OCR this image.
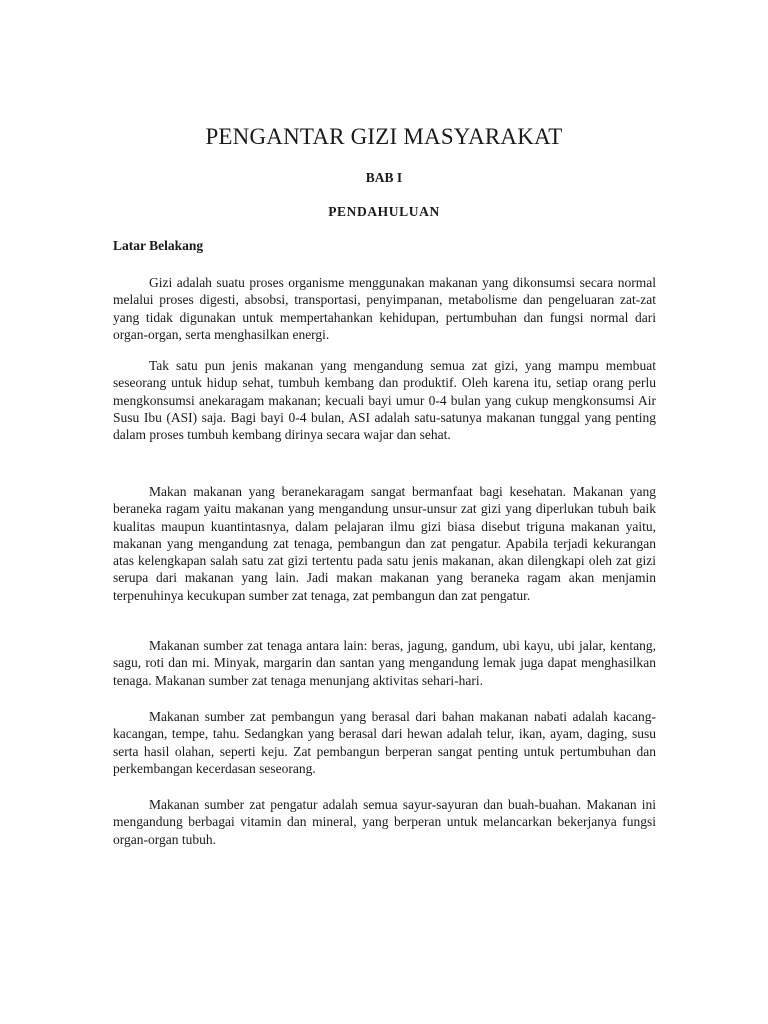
PENGANTAR GIZI MASYARAKAT
BAB I
PENDAHULUAN
Latar Belakang

Gizi adalah suatu proses organisme menggunakan makanan yang dikonsumsi secara normal melalui proses digesti, absobsi, transportasi, penyimpanan, metabolisme dan pengeluaran zat-zat yang tidak digunakan untuk mempertahankan kehidupan, pertumbuhan dan fungsi normal dari organ-organ, serta menghasilkan energi.

Tak satu pun jenis makanan yang mengandung semua zat gizi, yang mampu membuat seseorang untuk hidup sehat, tumbuh kembang dan produktif. Oleh karena itu, setiap orang perlu mengkonsumsi anekaragam makanan; kecuali bayi umur 0-4 bulan yang cukup mengkonsumsi Air Susu Ibu (ASI) saja. Bagi bayi 0-4 bulan, ASI adalah satu-satunya makanan tunggal yang penting dalam proses tumbuh kembang dirinya secara wajar dan sehat.

Makan makanan yang beranekaragam sangat bermanfaat bagi kesehatan. Makanan yang beraneka ragam yaitu makanan yang mengandung unsur-unsur zat gizi yang diperlukan tubuh baik kualitas maupun kuantintasnya, dalam pelajaran ilmu gizi biasa disebut triguna makanan yaitu, makanan yang mengandung zat tenaga, pembangun dan zat pengatur. Apabila terjadi kekurangan atas kelengkapan salah satu zat gizi tertentu pada satu jenis makanan, akan dilengkapi oleh zat gizi serupa dari makanan yang lain. Jadi makan makanan yang beraneka ragam akan menjamin terpenuhinya kecukupan sumber zat tenaga, zat pembangun dan zat pengatur.

Makanan sumber zat tenaga antara lain: beras, jagung, gandum, ubi kayu, ubi jalar, kentang, sagu, roti dan mi. Minyak, margarin dan santan yang mengandung lemak juga dapat menghasilkan tenaga. Makanan sumber zat tenaga menunjang aktivitas sehari-hari.

Makanan sumber zat pembangun yang berasal dari bahan makanan nabati adalah kacang-kacangan, tempe, tahu. Sedangkan yang berasal dari hewan adalah telur, ikan, ayam, daging, susu serta hasil olahan, seperti keju. Zat pembangun berperan sangat penting untuk pertumbuhan dan perkembangan kecerdasan seseorang.

Makanan sumber zat pengatur adalah semua sayur-sayuran dan buah-buahan. Makanan ini mengandung berbagai vitamin dan mineral, yang berperan untuk melancarkan bekerjanya fungsi organ-organ tubuh.
